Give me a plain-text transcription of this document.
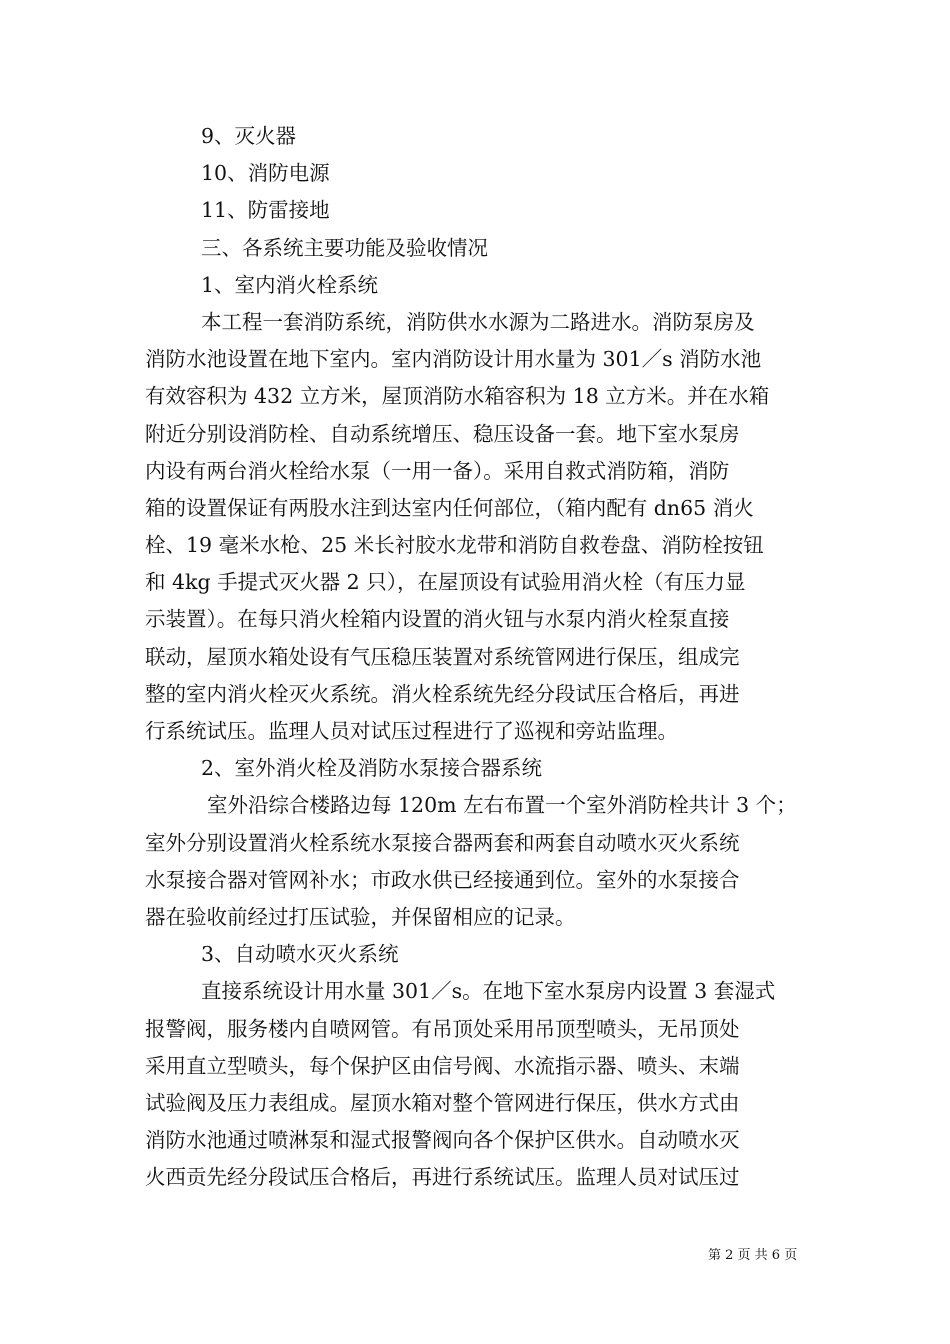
9、灭火器

10、消防电源

11、防雷接地

三、各系统主要功能及验收情况

1、室内消火栓系统

本工程一套消防系统，消防供水水源为二路进水。消防泵房及

消防水池设置在地下室内。室内消防设计用水量为 301／s 消防水池

有效容积为 432 立方米，屋顶消防水箱容积为 18 立方米。并在水箱

附近分别设消防栓、自动系统增压、稳压设备一套。地下室水泵房

内设有两台消火栓给水泵（一用一备）。采用自救式消防箱，消防

箱的设置保证有两股水注到达室内任何部位，（箱内配有 dn65 消火

栓、19 毫米水枪、25 米长衬胶水龙带和消防自救卷盘、消防栓按钮

和 4kg 手提式灭火器 2 只），在屋顶设有试验用消火栓（有压力显

示装置）。在每只消火栓箱内设置的消火钮与水泵内消火栓泵直接

联动，屋顶水箱处设有气压稳压装置对系统管网进行保压，组成完

整的室内消火栓灭火系统。消火栓系统先经分段试压合格后，再进

行系统试压。监理人员对试压过程进行了巡视和旁站监理。

2、室外消火栓及消防水泵接合器系统

室外沿综合楼路边每 120m 左右布置一个室外消防栓共计 3 个；

室外分别设置消火栓系统水泵接合器两套和两套自动喷水灭火系统

水泵接合器对管网补水；市政水供已经接通到位。室外的水泵接合

器在验收前经过打压试验，并保留相应的记录。

3、自动喷水灭火系统

直接系统设计用水量 301／s。在地下室水泵房内设置 3 套湿式

报警阀，服务楼内自喷网管。有吊顶处采用吊顶型喷头，无吊顶处

采用直立型喷头，每个保护区由信号阀、水流指示器、喷头、末端

试验阀及压力表组成。屋顶水箱对整个管网进行保压，供水方式由

消防水池通过喷淋泵和湿式报警阀向各个保护区供水。自动喷水灭

火西贡先经分段试压合格后，再进行系统试压。监理人员对试压过

第 2 页 共 6 页
